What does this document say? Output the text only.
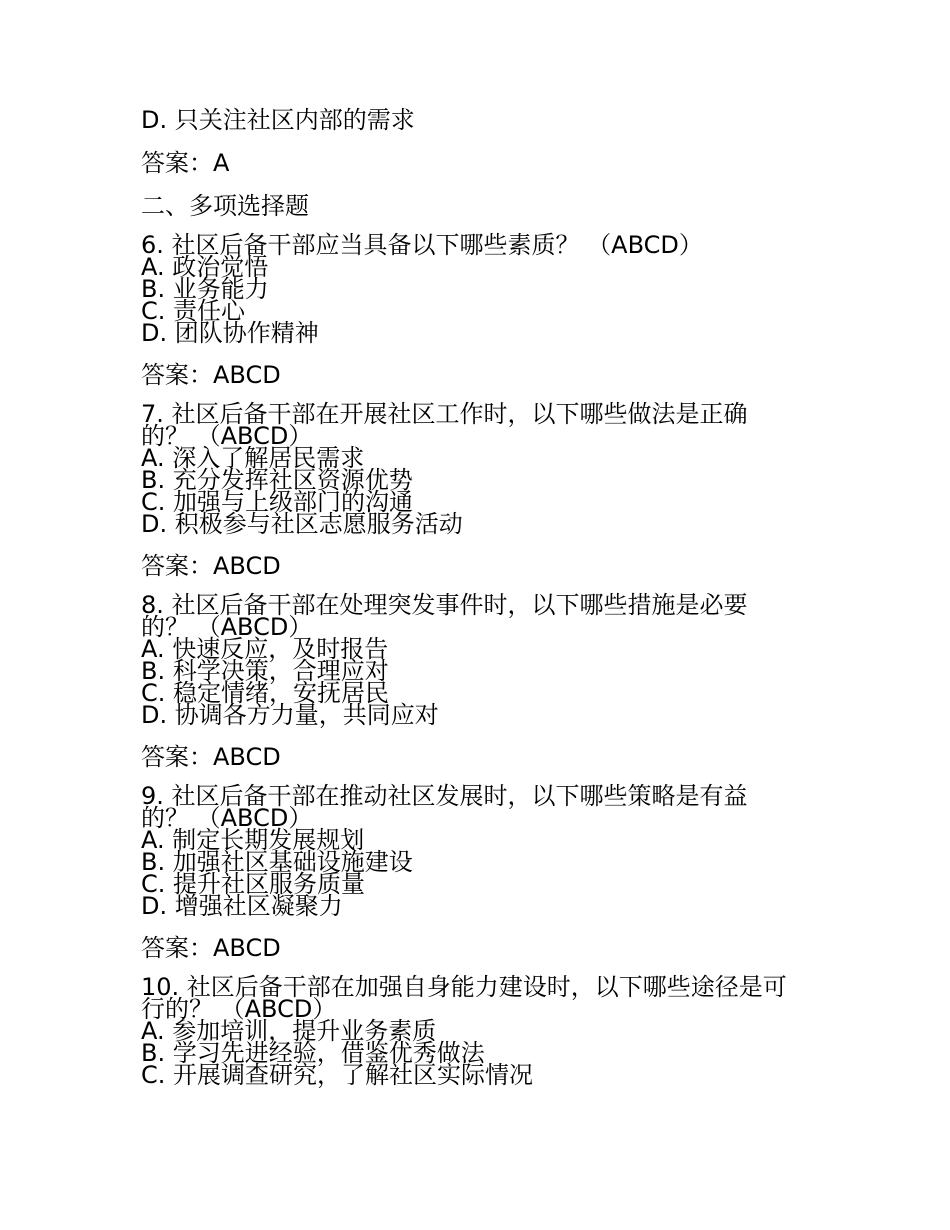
D. 只关注社区内部的需求
答案：A
二、多项选择题
6. 社区后备干部应当具备以下哪些素质？ （ABCD）
A. 政治觉悟
B. 业务能力
C. 责任心
D. 团队协作精神
答案：ABCD
7. 社区后备干部在开展社区工作时，以下哪些做法是正确
的？ （ABCD）
A. 深入了解居民需求
B. 充分发挥社区资源优势
C. 加强与上级部门的沟通
D. 积极参与社区志愿服务活动
答案：ABCD
8. 社区后备干部在处理突发事件时，以下哪些措施是必要
的？ （ABCD）
A. 快速反应，及时报告
B. 科学决策，合理应对
C. 稳定情绪，安抚居民
D. 协调各方力量，共同应对
答案：ABCD
9. 社区后备干部在推动社区发展时，以下哪些策略是有益
的？ （ABCD）
A. 制定长期发展规划
B. 加强社区基础设施建设
C. 提升社区服务质量
D. 增强社区凝聚力
答案：ABCD
10. 社区后备干部在加强自身能力建设时，以下哪些途径是可
行的？ （ABCD）
A. 参加培训，提升业务素质
B. 学习先进经验，借鉴优秀做法
C. 开展调查研究，了解社区实际情况
